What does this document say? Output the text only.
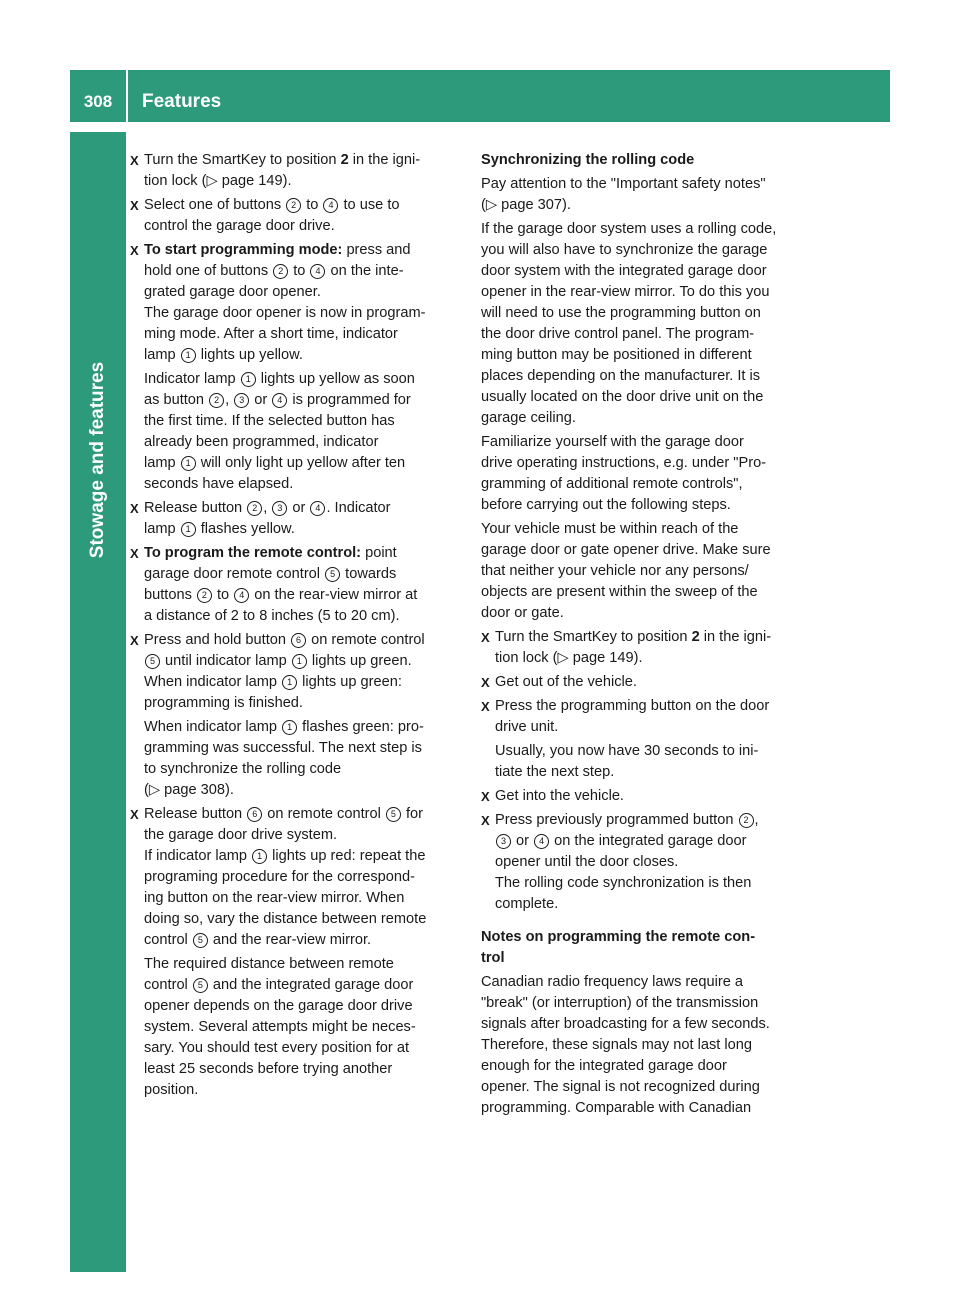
308	Features
Stowage and features
X Turn the SmartKey to position 2 in the igni-
tion lock (▷ page 149).
X Select one of buttons 2 to 4 to use to
control the garage door drive.
X To start programming mode: press and
hold one of buttons 2 to 4 on the inte-
grated garage door opener.
The garage door opener is now in program-
ming mode. After a short time, indicator
lamp 1 lights up yellow.
Indicator lamp 1 lights up yellow as soon
as button 2 , 3 or 4 is programmed for
the first time. If the selected button has
already been programmed, indicator
lamp 1 will only light up yellow after ten
seconds have elapsed.
X Release button 2 , 3 or 4 . Indicator
lamp 1 flashes yellow.
X To program the remote control: point
garage door remote control 5 towards
buttons 2 to 4 on the rear-view mirror at
a distance of 2 to 8 inches (5 to 20 cm).
X Press and hold button 6 on remote control
5 until indicator lamp 1 lights up green.
When indicator lamp 1 lights up green:
programming is finished.
When indicator lamp 1 flashes green: pro-
gramming was successful. The next step is
to synchronize the rolling code
(▷ page 308).
X Release button 6 on remote control 5 for
the garage door drive system.
If indicator lamp 1 lights up red: repeat the
programing procedure for the correspond-
ing button on the rear-view mirror. When
doing so, vary the distance between remote
control 5 and the rear-view mirror.
The required distance between remote
control 5 and the integrated garage door
opener depends on the garage door drive
system. Several attempts might be neces-
sary. You should test every position for at
least 25 seconds before trying another
position.
Synchronizing the rolling code
Pay attention to the "Important safety notes"
(▷ page 307).
If the garage door system uses a rolling code,
you will also have to synchronize the garage
door system with the integrated garage door
opener in the rear-view mirror. To do this you
will need to use the programming button on
the door drive control panel. The program-
ming button may be positioned in different
places depending on the manufacturer. It is
usually located on the door drive unit on the
garage ceiling.
Familiarize yourself with the garage door
drive operating instructions, e.g. under "Pro-
gramming of additional remote controls",
before carrying out the following steps.
Your vehicle must be within reach of the
garage door or gate opener drive. Make sure
that neither your vehicle nor any persons/
objects are present within the sweep of the
door or gate.
X Turn the SmartKey to position 2 in the igni-
tion lock (▷ page 149).
X Get out of the vehicle.
X Press the programming button on the door
drive unit.
Usually, you now have 30 seconds to ini-
tiate the next step.
X Get into the vehicle.
X Press previously programmed button 2 ,
3 or 4 on the integrated garage door
opener until the door closes.
The rolling code synchronization is then
complete.
Notes on programming the remote con-
trol
Canadian radio frequency laws require a
"break" (or interruption) of the transmission
signals after broadcasting for a few seconds.
Therefore, these signals may not last long
enough for the integrated garage door
opener. The signal is not recognized during
programming. Comparable with Canadian
